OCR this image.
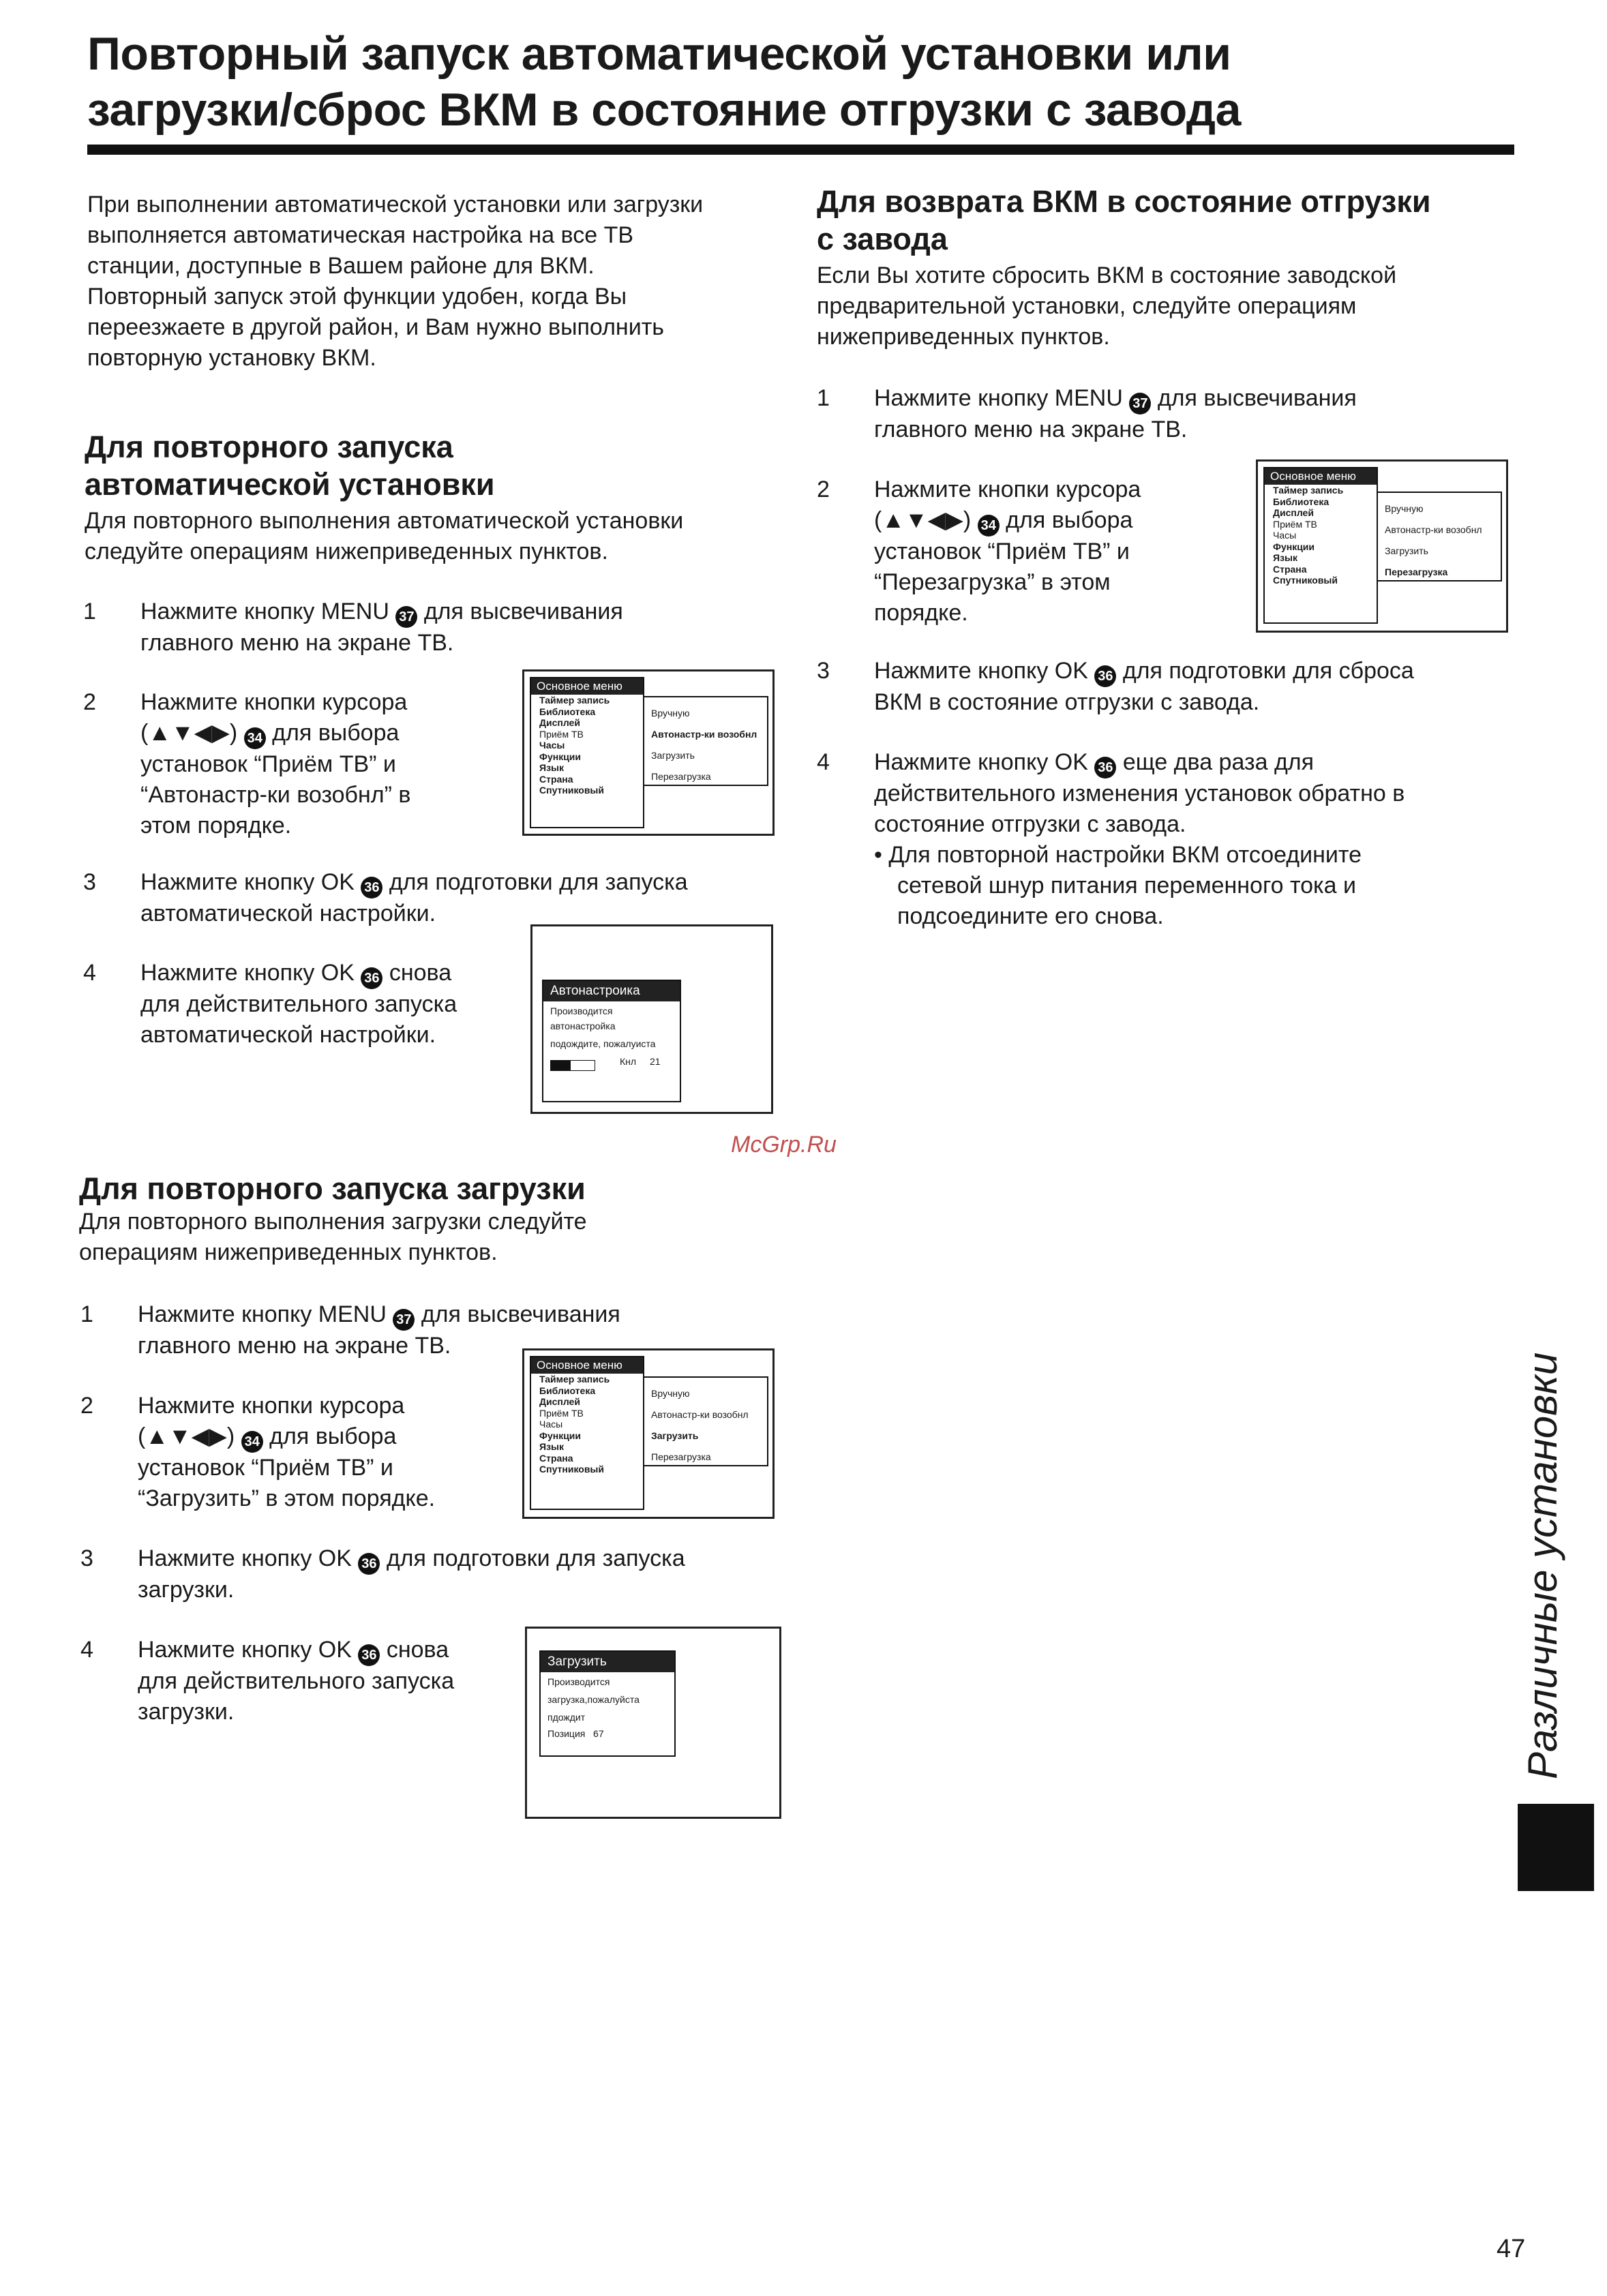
Повторный запуск автоматической установки или
загрузки/сброс ВКМ в состояние отгрузки с завода
При выполнении автоматической установки или загрузки
выполняется автоматическая настройка на все ТВ
станции, доступные в Вашем районе для ВКМ.
Повторный запуск этой функции удобен, когда Вы
переезжаете в другой район, и Вам нужно выполнить
повторную установку ВКМ.
Для повторного запуска
автоматической установки
Для повторного выполнения автоматической установки
следуйте операциям нижеприведенных пунктов.
1 Нажмите кнопку MENU 37 для высвечивания
главного меню на экране ТВ.
2 Нажмите кнопки курсора
(▲▼◀▶) 34 для выбора
установок “Приём ТВ” и
“Автонастр-ки возобнл” в
этом порядке.
Основное меню
Таймер запись
Библиотека
Дисплей
Приём ТВ
Часы
Функции
Язык
Страна
Спутниковый
Вручную
Автонастр-ки возобнл
Загрузить
Перезагрузка
3 Нажмите кнопку OK 36 для подготовки для запуска
автоматической настройки.
4 Нажмите кнопку OK 36 снова
для действительного запуска
автоматической настройки.
Автонастроика
Производится
автонастройка
подождите, пожалуиста
Кнл 21
McGrp.Ru
Для повторного запуска загрузки
Для повторного выполнения загрузки следуйте
операциям нижеприведенных пунктов.
1 Нажмите кнопку MENU 37 для высвечивания
главного меню на экране ТВ.
2 Нажмите кнопки курсора
(▲▼◀▶) 34 для выбора
установок “Приём ТВ” и
“Загрузить” в этом порядке.
Основное меню
Таймер запись
Библиотека
Дисплей
Приём ТВ
Часы
Функции
Язык
Страна
Спутниковый
Вручную
Автонастр-ки возобнл
Загрузить
Перезагрузка
3 Нажмите кнопку OK 36 для подготовки для запуска
загрузки.
4 Нажмите кнопку OK 36 снова
для действительного запуска
загрузки.
Загрузить
Производится
загрузка,пожалуйста
пдождит
Позиция 67
Для возврата ВКМ в состояние отгрузки
с завода
Если Вы хотите сбросить ВКМ в состояние заводской
предварительной установки, следуйте операциям
нижеприведенных пунктов.
1 Нажмите кнопку MENU 37 для высвечивания
главного меню на экране ТВ.
2 Нажмите кнопки курсора
(▲▼◀▶) 34 для выбора
установок “Приём ТВ” и
“Перезагрузка” в этом
порядке.
Основное меню
Таймер запись
Библиотека
Дисплей
Приём ТВ
Часы
Функции
Язык
Страна
Спутниковый
Вручную
Автонастр-ки возобнл
Загрузить
Перезагрузка
3 Нажмите кнопку OK 36 для подготовки для сброса
ВКМ в состояние отгрузки с завода.
4 Нажмите кнопку OK 36 еще два раза для
действительного изменения установок обратно в
состояние отгрузки с завода.
• Для повторной настройки ВКМ отсоедините
сетевой шнур питания переменного тока и
подсоедините его снова.
Различные установки
47
